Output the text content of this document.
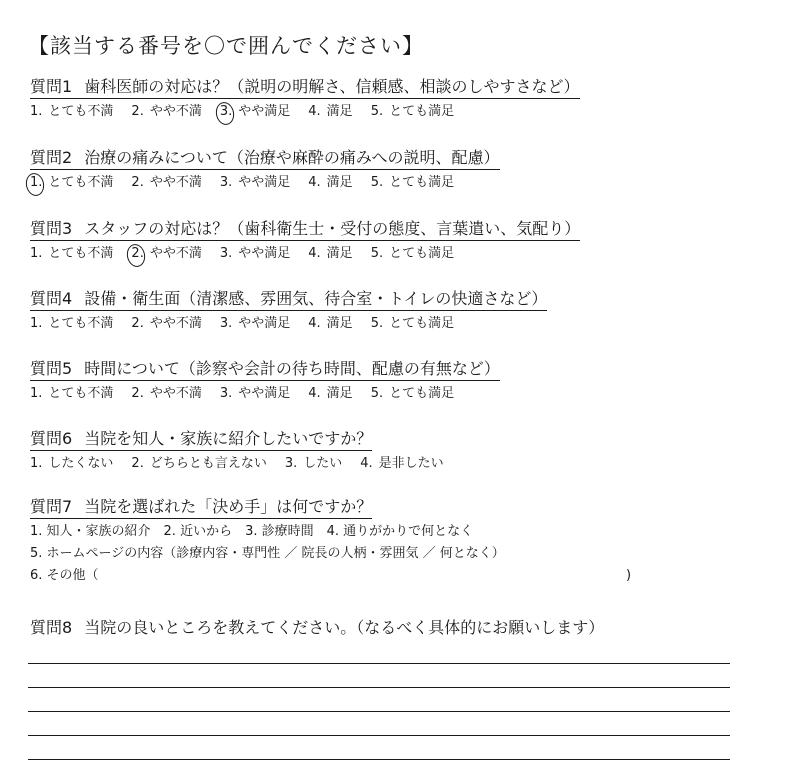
【該当する番号を〇で囲んでください】
質問1 歯科医師の対応は？（説明の明解さ、信頼感、相談のしやすさなど）
1. とても不満 2. やや不満 3. やや満足 4. 満足 5. とても満足
質問2 治療の痛みについて（治療や麻酔の痛みへの説明、配慮）
1. とても不満 2. やや不満 3. やや満足 4. 満足 5. とても満足
質問3 スタッフの対応は？（歯科衛生士・受付の態度、言葉遣い、気配り）
1. とても不満 2. やや不満 3. やや満足 4. 満足 5. とても満足
質問4 設備・衛生面（清潔感、雰囲気、待合室・トイレの快適さなど）
1. とても不満 2. やや不満 3. やや満足 4. 満足 5. とても満足
質問5 時間について（診察や会計の待ち時間、配慮の有無など）
1. とても不満 2. やや不満 3. やや満足 4. 満足 5. とても満足
質問6 当院を知人・家族に紹介したいですか？
1. したくない 2. どちらとも言えない 3. したい 4. 是非したい
質問7 当院を選ばれた「決め手」は何ですか？
1. 知人・家族の紹介　2. 近いから　3. 診療時間　4. 通りがかりで何となく
5. ホームページの内容（診療内容・専門性 ／ 院長の人柄・雰囲気 ／ 何となく）
6. その他（	)
質問8 当院の良いところを教えてください。（なるべく具体的にお願いします）
